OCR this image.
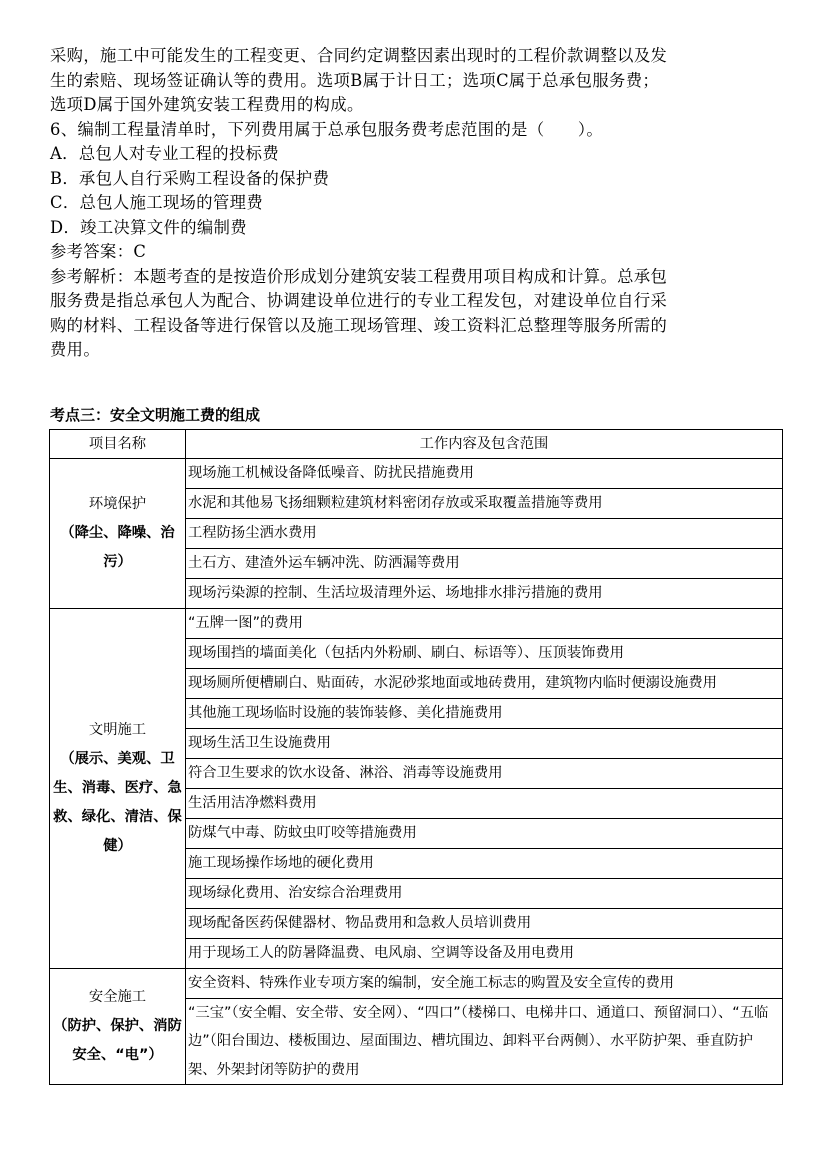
采购，施工中可能发生的工程变更、合同约定调整因素出现时的工程价款调整以及发

生的索赔、现场签证确认等的费用。选项B属于计日工；选项C属于总承包服务费；

选项D属于国外建筑安装工程费用的构成。

6、编制工程量清单时，下列费用属于总承包服务费考虑范围的是（　　）。

A．总包人对专业工程的投标费

B．承包人自行采购工程设备的保护费

C．总包人施工现场的管理费

D．竣工决算文件的编制费

参考答案：C

参考解析：本题考查的是按造价形成划分建筑安装工程费用项目构成和计算。总承包

服务费是指总承包人为配合、协调建设单位进行的专业工程发包，对建设单位自行采

购的材料、工程设备等进行保管以及施工现场管理、竣工资料汇总整理等服务所需的

费用。

考点三：安全文明施工费的组成
项目名称	工作内容及包含范围

环境保护
（降尘、降噪、治污）	现场施工机械设备降低噪音、防扰民措施费用
	水泥和其他易飞扬细颗粒建筑材料密闭存放或采取覆盖措施等费用
	工程防扬尘洒水费用
	土石方、建渣外运车辆冲洗、防洒漏等费用
	现场污染源的控制、生活垃圾清理外运、场地排水排污措施的费用

文明施工
（展示、美观、卫生、消毒、医疗、急救、绿化、清洁、保健）	“五牌一图”的费用
	现场围挡的墙面美化（包括内外粉刷、刷白、标语等）、压顶装饰费用
	现场厕所便槽刷白、贴面砖，水泥砂浆地面或地砖费用，建筑物内临时便溺设施费用
	其他施工现场临时设施的装饰装修、美化措施费用
	现场生活卫生设施费用
	符合卫生要求的饮水设备、淋浴、消毒等设施费用
	生活用洁净燃料费用
	防煤气中毒、防蚊虫叮咬等措施费用
	施工现场操作场地的硬化费用
	现场绿化费用、治安综合治理费用
	现场配备医药保健器材、物品费用和急救人员培训费用
	用于现场工人的防暑降温费、电风扇、空调等设备及用电费用

安全施工
（防护、保护、消防安全、“电”）	安全资料、特殊作业专项方案的编制，安全施工标志的购置及安全宣传的费用
	“三宝”（安全帽、安全带、安全网）、“四口”（楼梯口、电梯井口、通道口、预留洞口）、“五临边”（阳台围边、楼板围边、屋面围边、槽坑围边、卸料平台两侧）、水平防护架、垂直防护架、外架封闭等防护的费用
